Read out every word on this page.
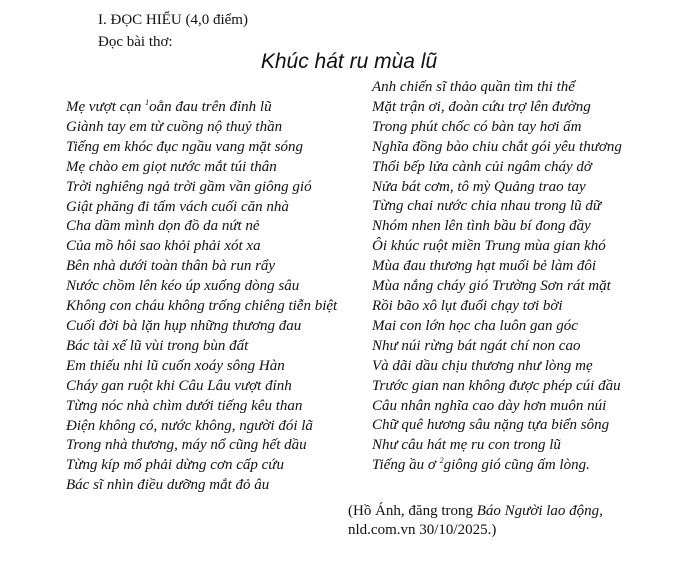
I. ĐỌC HIỂU (4,0 điểm)
Đọc bài thơ:
Khúc hát ru mùa lũ
Mẹ vượt cạn $^1$oằn đau trên đỉnh lũ
Giành tay em từ cuồng nộ thuỷ thần
Tiếng em khóc đục ngầu vang mặt sóng
Mẹ chào em giọt nước mắt túi thân
Trời nghiêng ngả trời gầm vần giông gió
Giật phăng đi tấm vách cuối căn nhà
Cha dầm mình dọn đồ da nứt nẻ
Của mồ hôi sao khỏi phải xót xa
Bên nhà dưới toàn thân bà run rẩy
Nước chồm lên kéo úp xuống dòng sâu
Không con cháu không trống chiêng tiễn biệt
Cuối đời bà lặn hụp những thương đau
Bác tài xế lũ vùi trong bùn đất
Em thiếu nhi lũ cuốn xoáy sông Hàn
Cháy gan ruột khi Câu Lâu vượt đỉnh
Từng nóc nhà chìm dưới tiếng kêu than
Điện không có, nước không, người đói lã
Trong nhà thương, máy nổ cũng hết dầu
Từng kíp mổ phải dừng cơn cấp cứu
Bác sĩ nhìn điều dưỡng mắt đỏ âu
Anh chiến sĩ thảo quần tìm thi thể
Mặt trận ơi, đoàn cứu trợ lên đường
Trong phút chốc có bàn tay hơi ấm
Nghĩa đồng bào chiu chắt gói yêu thương
Thổi bếp lửa cành củi ngâm cháy dở
Nửa bát cơm, tô mỳ Quảng trao tay
Từng chai nước chia nhau trong lũ dữ
Nhóm nhen lên tình bầu bí đong đầy
Ôi khúc ruột miền Trung mùa gian khó
Mùa đau thương hạt muối bẻ làm đôi
Mùa nắng cháy gió Trường Sơn rát mặt
Rồi bão xô lụt đuổi chạy tơi bời
Mai con lớn học cha luôn gan góc
Như núi rừng bát ngát chí non cao
Và dãi dầu chịu thương như lòng mẹ
Trước gian nan không được phép cúi đầu
Câu nhân nghĩa cao dày hơn muôn núi
Chữ quê hương sâu nặng tựa biển sông
Như câu hát mẹ ru con trong lũ
Tiếng ầu ơ $^2$giông gió cũng ấm lòng.
(Hồ Ánh, đăng trong Báo Người lao động,
nld.com.vn 30/10/2025.)
